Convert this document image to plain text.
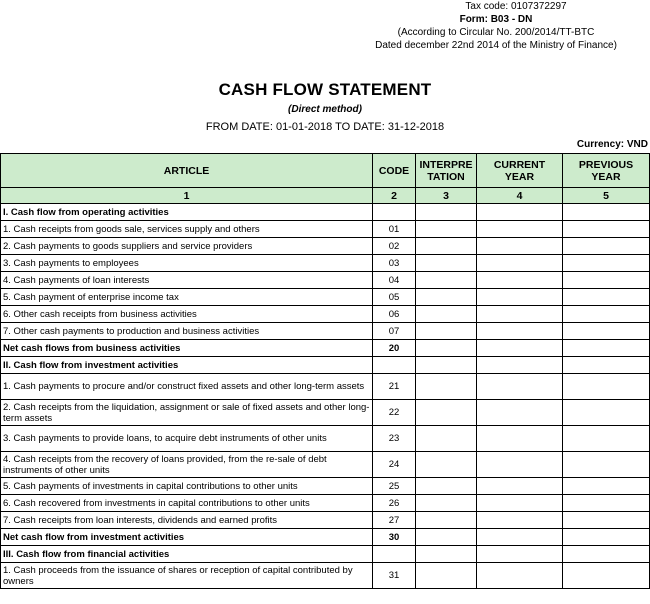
Tax code: 0107372297
Form: B03 - DN
(According to Circular No. 200/2014/TT-BTC
Dated december 22nd 2014 of the Ministry of Finance)
CASH FLOW STATEMENT
(Direct method)
FROM DATE: 01-01-2018 TO DATE: 31-12-2018
Currency: VND
ARTICLE	CODE	INTERPRE TATION	CURRENT YEAR	PREVIOUS YEAR
1	2	3	4	5
I. Cash flow from operating activities				
1. Cash receipts from goods sale, services supply and others	01			
2. Cash payments to goods suppliers and service providers	02			
3. Cash payments to employees	03			
4. Cash payments of loan interests	04			
5. Cash payment of enterprise income tax	05			
6. Other cash receipts from business activities	06			
7. Other cash payments to production and business activities	07			
Net cash flows from business activities	20			
II. Cash flow from investment activities				
1. Cash payments to procure and/or construct fixed assets and other long-term assets	21			
2. Cash receipts from the liquidation, assignment or sale of fixed assets and other long-term assets	22			
3. Cash payments to provide loans, to acquire debt instruments of other units	23			
4. Cash receipts from the recovery of loans provided, from the re-sale of debt instruments of other units	24			
5. Cash payments of investments in capital contributions to other units	25			
6. Cash recovered from investments in capital contributions to other units	26			
7. Cash receipts from loan interests, dividends and earned profits	27			
Net cash flow from investment activities	30			
III. Cash flow from financial activities				
1. Cash proceeds from the issuance of shares or reception of capital contributed by owners	31			
